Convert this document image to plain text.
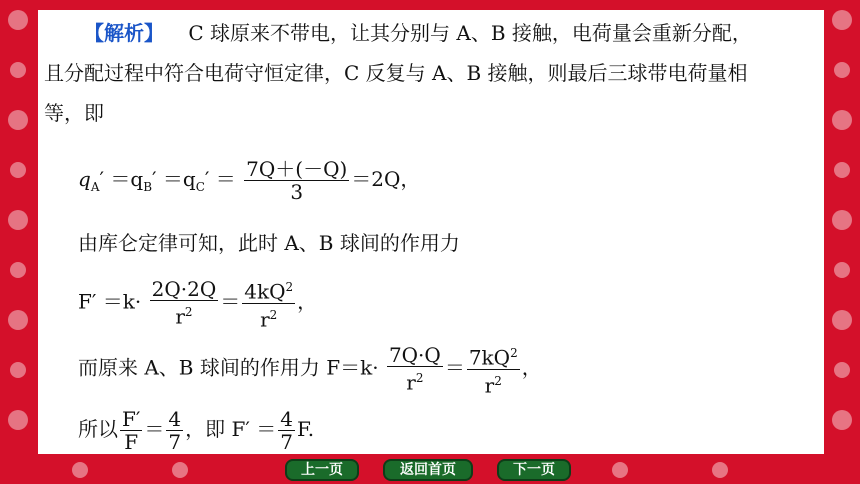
【解析】 C 球原来不带电，让其分别与 A、B 接触，电荷量会重新分配，
且分配过程中符合电荷守恒定律，C 反复与 A、B 接触，则最后三球带电荷量相
等，即
$q_A' =q_B' =q_C' = \frac{7Q+(-Q)}{3} =2Q$，
由库仑定律可知，此时 A、B 球间的作用力
$F' =k\cdot \frac{2Q\cdot 2Q}{r^2} = \frac{4kQ^2}{r^2}$ ，
而原来 A、B 球间的作用力 $F=k\cdot \frac{7Q\cdot Q}{r^2} = \frac{7kQ^2}{r^2}$ ，
所以 $\frac{F'}{F} = \frac{4}{7}$ ，即 $F' = \frac{4}{7} F$.
上一页	返回首页	下一页
